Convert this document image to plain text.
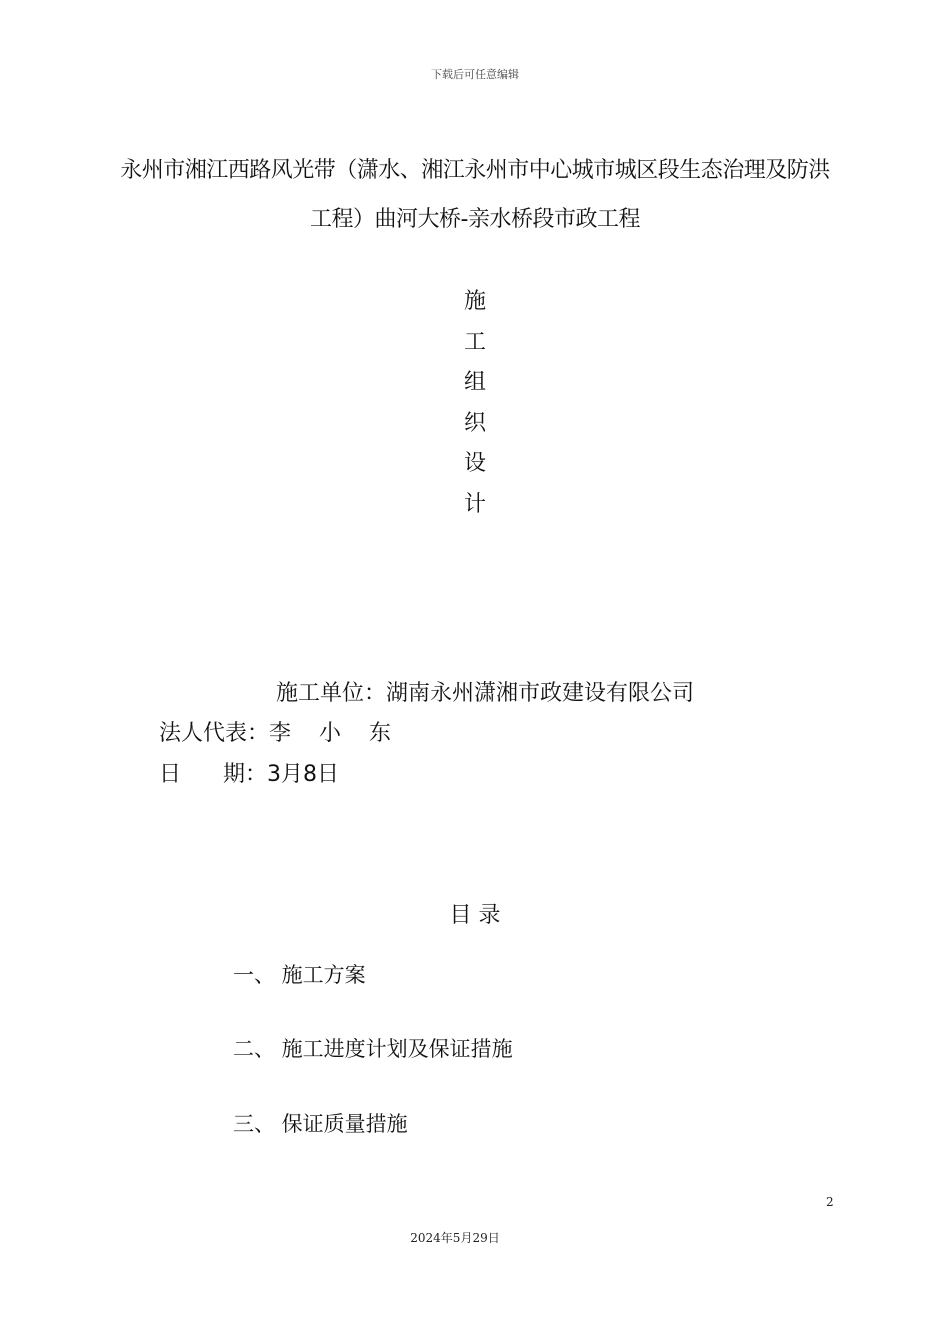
下载后可任意编辑
永州市湘江西路风光带（潇水、湘江永州市中心城市城区段生态治理及防洪
工程）曲河大桥-亲水桥段市政工程
施
工
组
织
设
计
施工单位：湖南永州潇湘市政建设有限公司
法人代表：李    小    东
日      期：3月8日
目 录
一、 施工方案
二、 施工进度计划及保证措施
三、 保证质量措施
2
2024年5月29日
